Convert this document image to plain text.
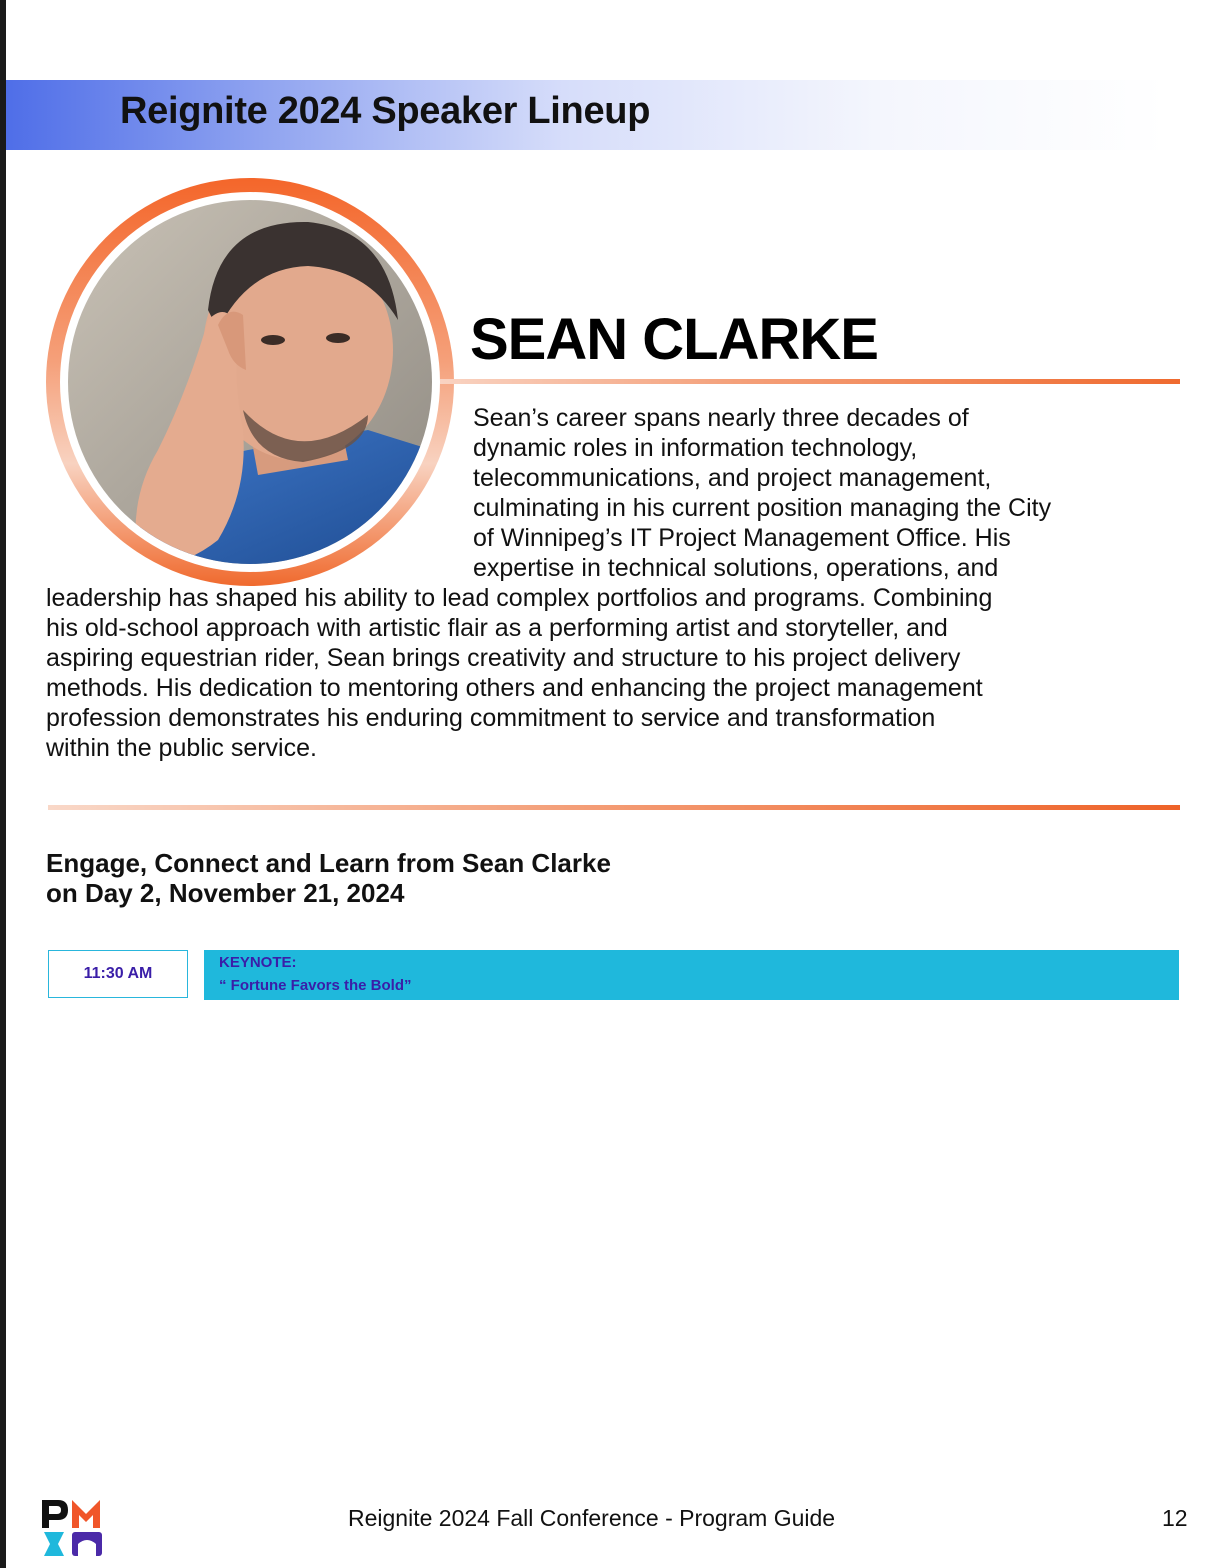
Reignite 2024 Speaker Lineup
SEAN CLARKE
Sean’s career spans nearly three decades of
dynamic roles in information technology,
telecommunications, and project management,
culminating in his current position managing the City
of Winnipeg’s IT Project Management Office. His
expertise in technical solutions, operations, and
leadership has shaped his ability to lead complex portfolios and programs. Combining
his old-school approach with artistic flair as a performing artist and storyteller, and
aspiring equestrian rider, Sean brings creativity and structure to his project delivery
methods. His dedication to mentoring others and enhancing the project management
profession demonstrates his enduring commitment to service and transformation
within the public service.
Engage, Connect and Learn from Sean Clarke
on Day 2, November 21, 2024
11:30 AM
KEYNOTE:
“ Fortune Favors the Bold”
Reignite 2024 Fall Conference - Program Guide	12
